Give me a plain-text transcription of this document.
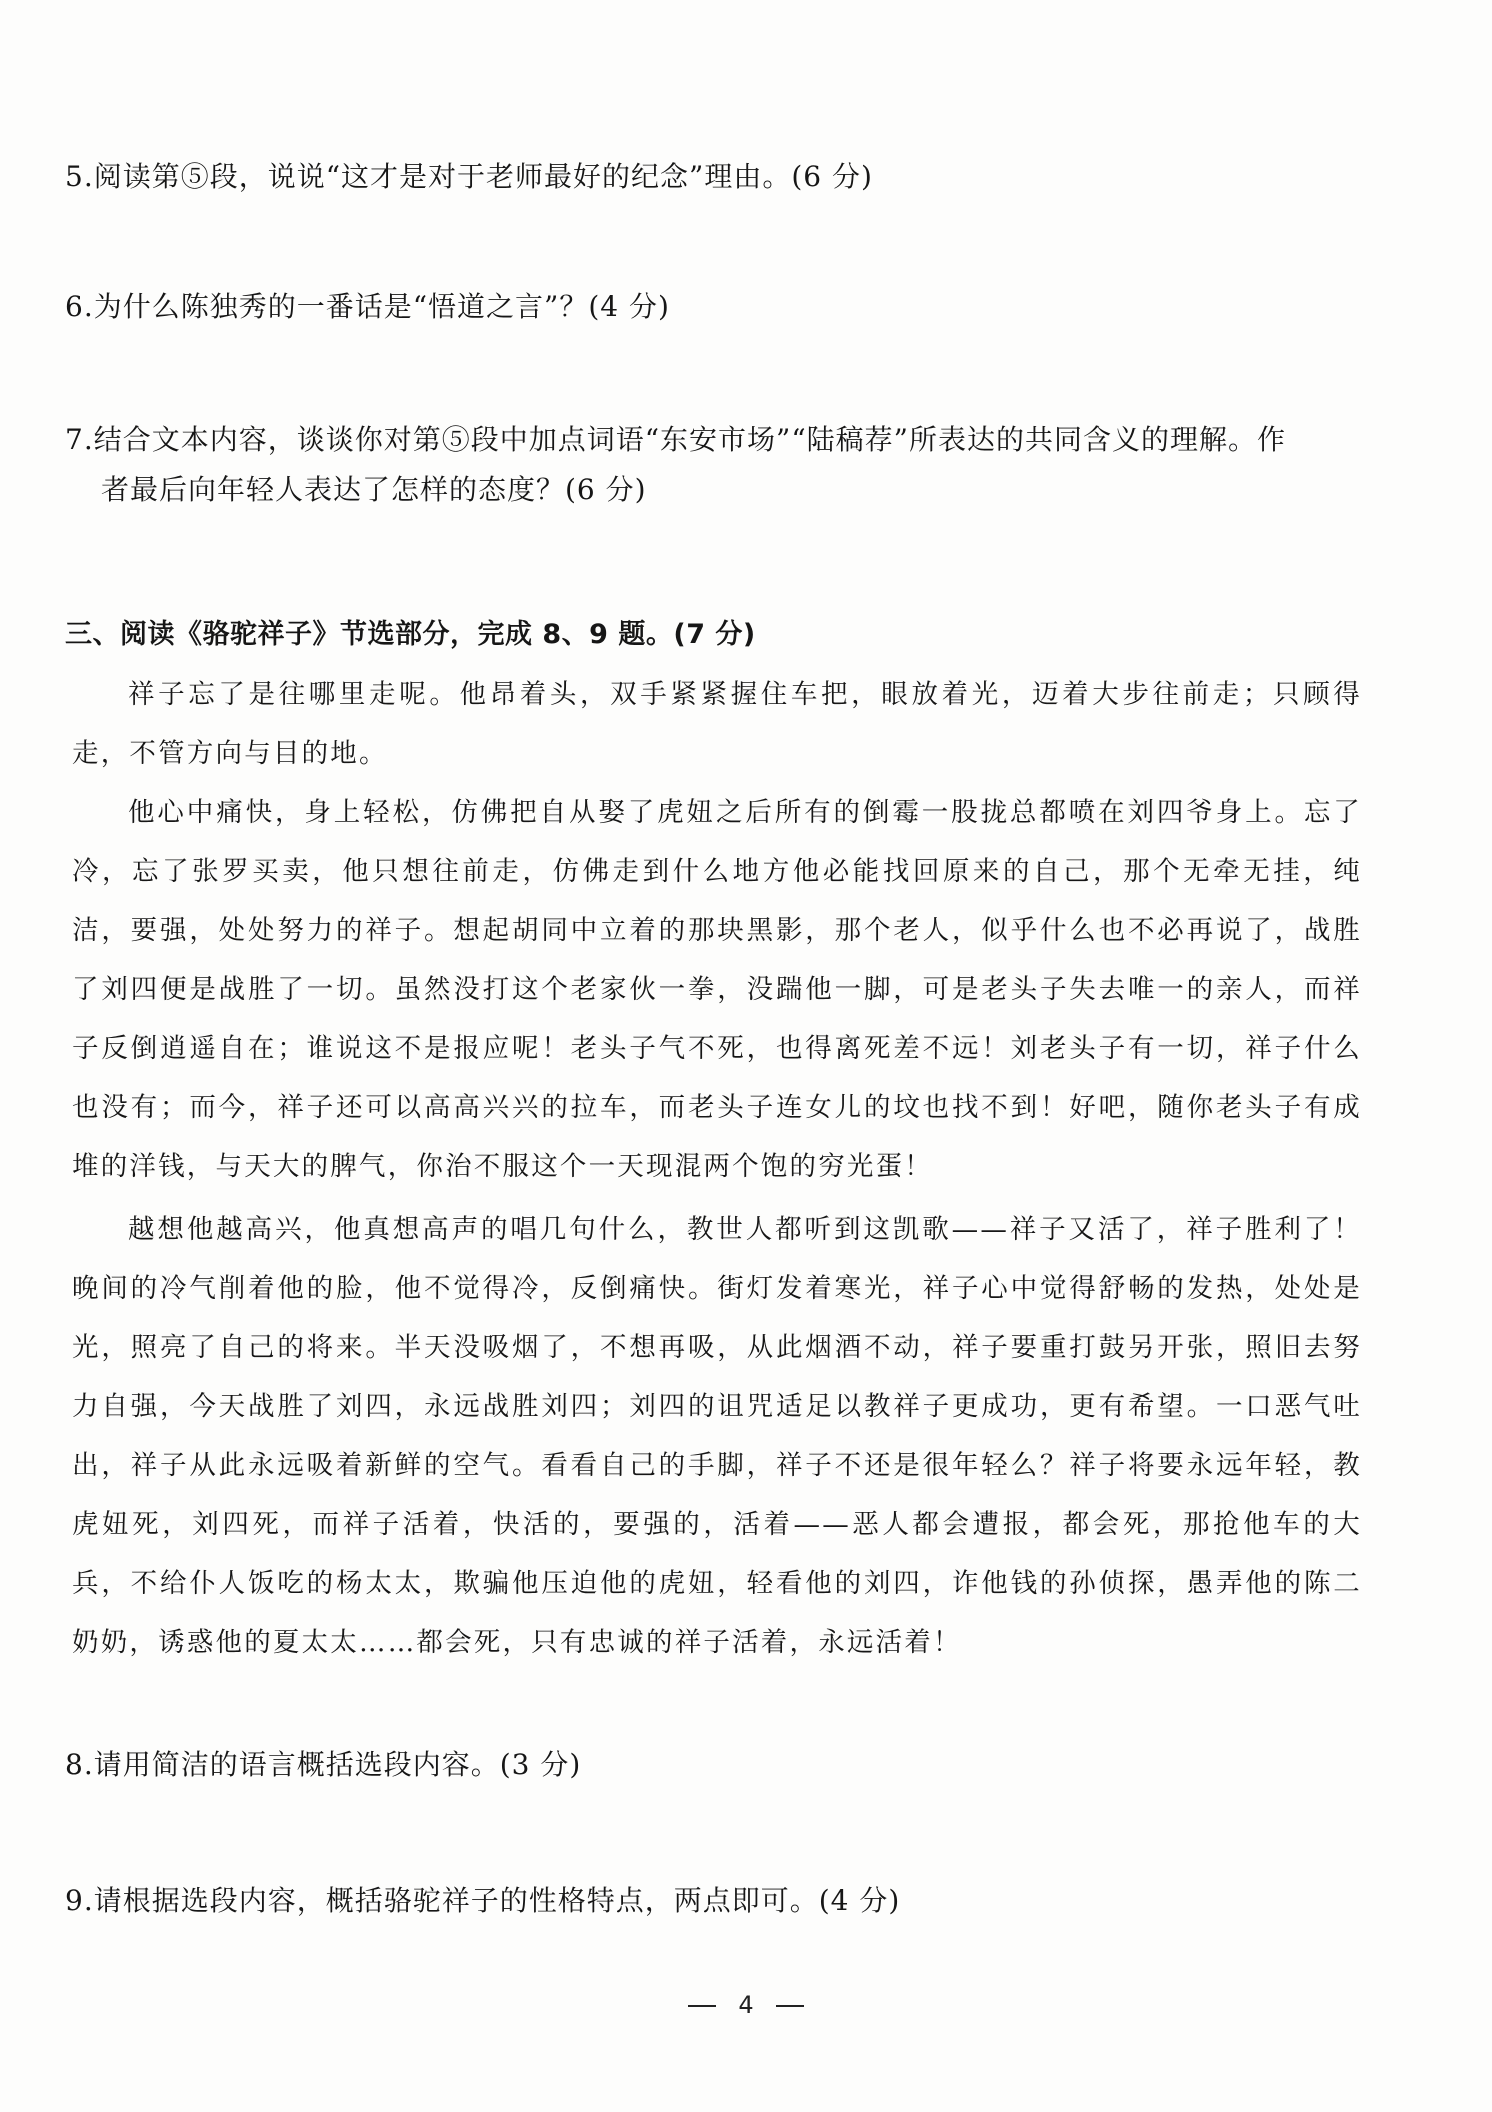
5.阅读第⑤段，说说“这才是对于老师最好的纪念”理由。(6 分)

6.为什么陈独秀的一番话是“悟道之言”？(4 分)

7.结合文本内容，谈谈你对第⑤段中加点词语“东安市场”“陆稿荐”所表达的共同含义的理解。作
者最后向年轻人表达了怎样的态度？(6 分)

三、阅读《骆驼祥子》节选部分，完成 8、9 题。(7 分)

祥子忘了是往哪里走呢。他昂着头，双手紧紧握住车把，眼放着光，迈着大步往前走；只顾得走，不管方向与目的地。

他心中痛快，身上轻松，仿佛把自从娶了虎妞之后所有的倒霉一股拢总都喷在刘四爷身上。忘了冷，忘了张罗买卖，他只想往前走，仿佛走到什么地方他必能找回原来的自己，那个无牵无挂，纯洁，要强，处处努力的祥子。想起胡同中立着的那块黑影，那个老人，似乎什么也不必再说了，战胜了刘四便是战胜了一切。虽然没打这个老家伙一拳，没踹他一脚，可是老头子失去唯一的亲人，而祥子反倒逍遥自在；谁说这不是报应呢！老头子气不死，也得离死差不远！刘老头子有一切，祥子什么也没有；而今，祥子还可以高高兴兴的拉车，而老头子连女儿的坟也找不到！好吧，随你老头子有成堆的洋钱，与天大的脾气，你治不服这个一天现混两个饱的穷光蛋！

越想他越高兴，他真想高声的唱几句什么，教世人都听到这凯歌——祥子又活了，祥子胜利了！晚间的冷气削着他的脸，他不觉得冷，反倒痛快。街灯发着寒光，祥子心中觉得舒畅的发热，处处是光，照亮了自己的将来。半天没吸烟了，不想再吸，从此烟酒不动，祥子要重打鼓另开张，照旧去努力自强，今天战胜了刘四，永远战胜刘四；刘四的诅咒适足以教祥子更成功，更有希望。一口恶气吐出，祥子从此永远吸着新鲜的空气。看看自己的手脚，祥子不还是很年轻么？祥子将要永远年轻，教虎妞死，刘四死，而祥子活着，快活的，要强的，活着——恶人都会遭报，都会死，那抢他车的大兵，不给仆人饭吃的杨太太，欺骗他压迫他的虎妞，轻看他的刘四，诈他钱的孙侦探，愚弄他的陈二奶奶，诱惑他的夏太太……都会死，只有忠诚的祥子活着，永远活着！

8.请用简洁的语言概括选段内容。(3 分)

9.请根据选段内容，概括骆驼祥子的性格特点，两点即可。(4 分)

4
